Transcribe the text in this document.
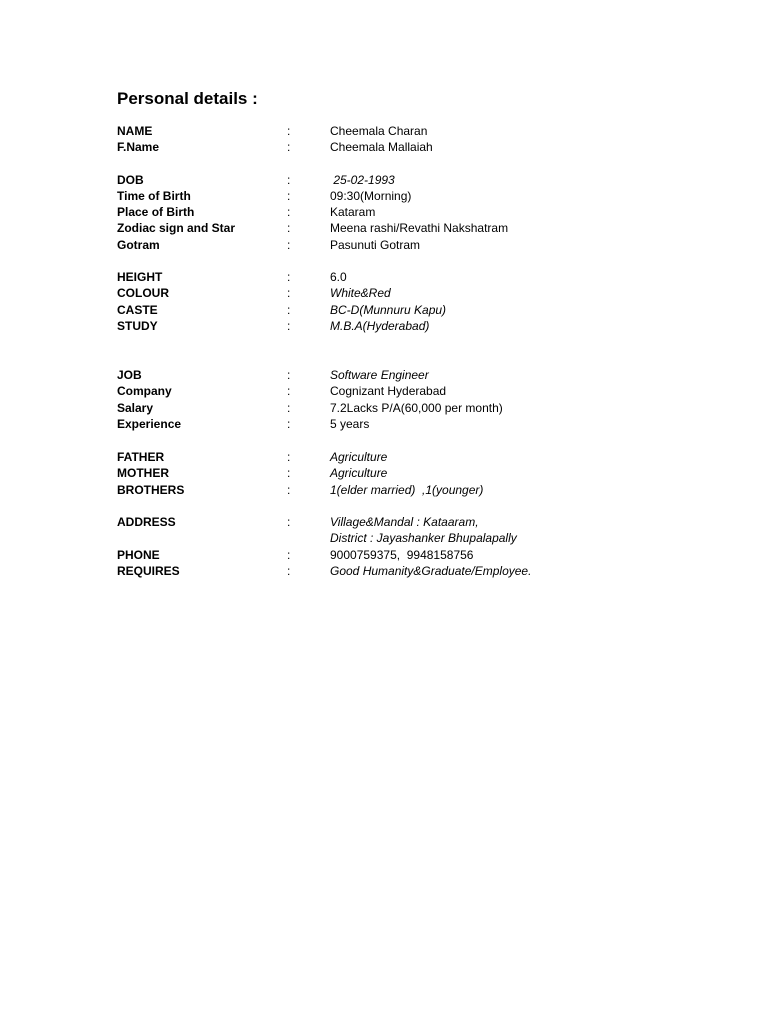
Personal details :
NAME	:	Cheemala Charan
F.Name	:	Cheemala Mallaiah
DOB	:	25-02-1993
Time of Birth	:	09:30(Morning)
Place of Birth	:	Kataram
Zodiac sign and Star	:	Meena rashi/Revathi Nakshatram
Gotram	:	Pasunuti Gotram
HEIGHT	:	6.0
COLOUR	:	White&Red
CASTE	:	BC-D(Munnuru Kapu)
STUDY	:	M.B.A(Hyderabad)
JOB	:	Software Engineer
Company	:	Cognizant Hyderabad
Salary	:	7.2Lacks P/A(60,000 per month)
Experience	:	5 years
FATHER	:	Agriculture
MOTHER	:	Agriculture
BROTHERS	:	1(elder married)  ,1(younger)
ADDRESS	:	Village&Mandal : Kataaram,
District : Jayashanker Bhupalapally
PHONE	:	9000759375,  9948158756
REQUIRES	:	Good Humanity&Graduate/Employee.
